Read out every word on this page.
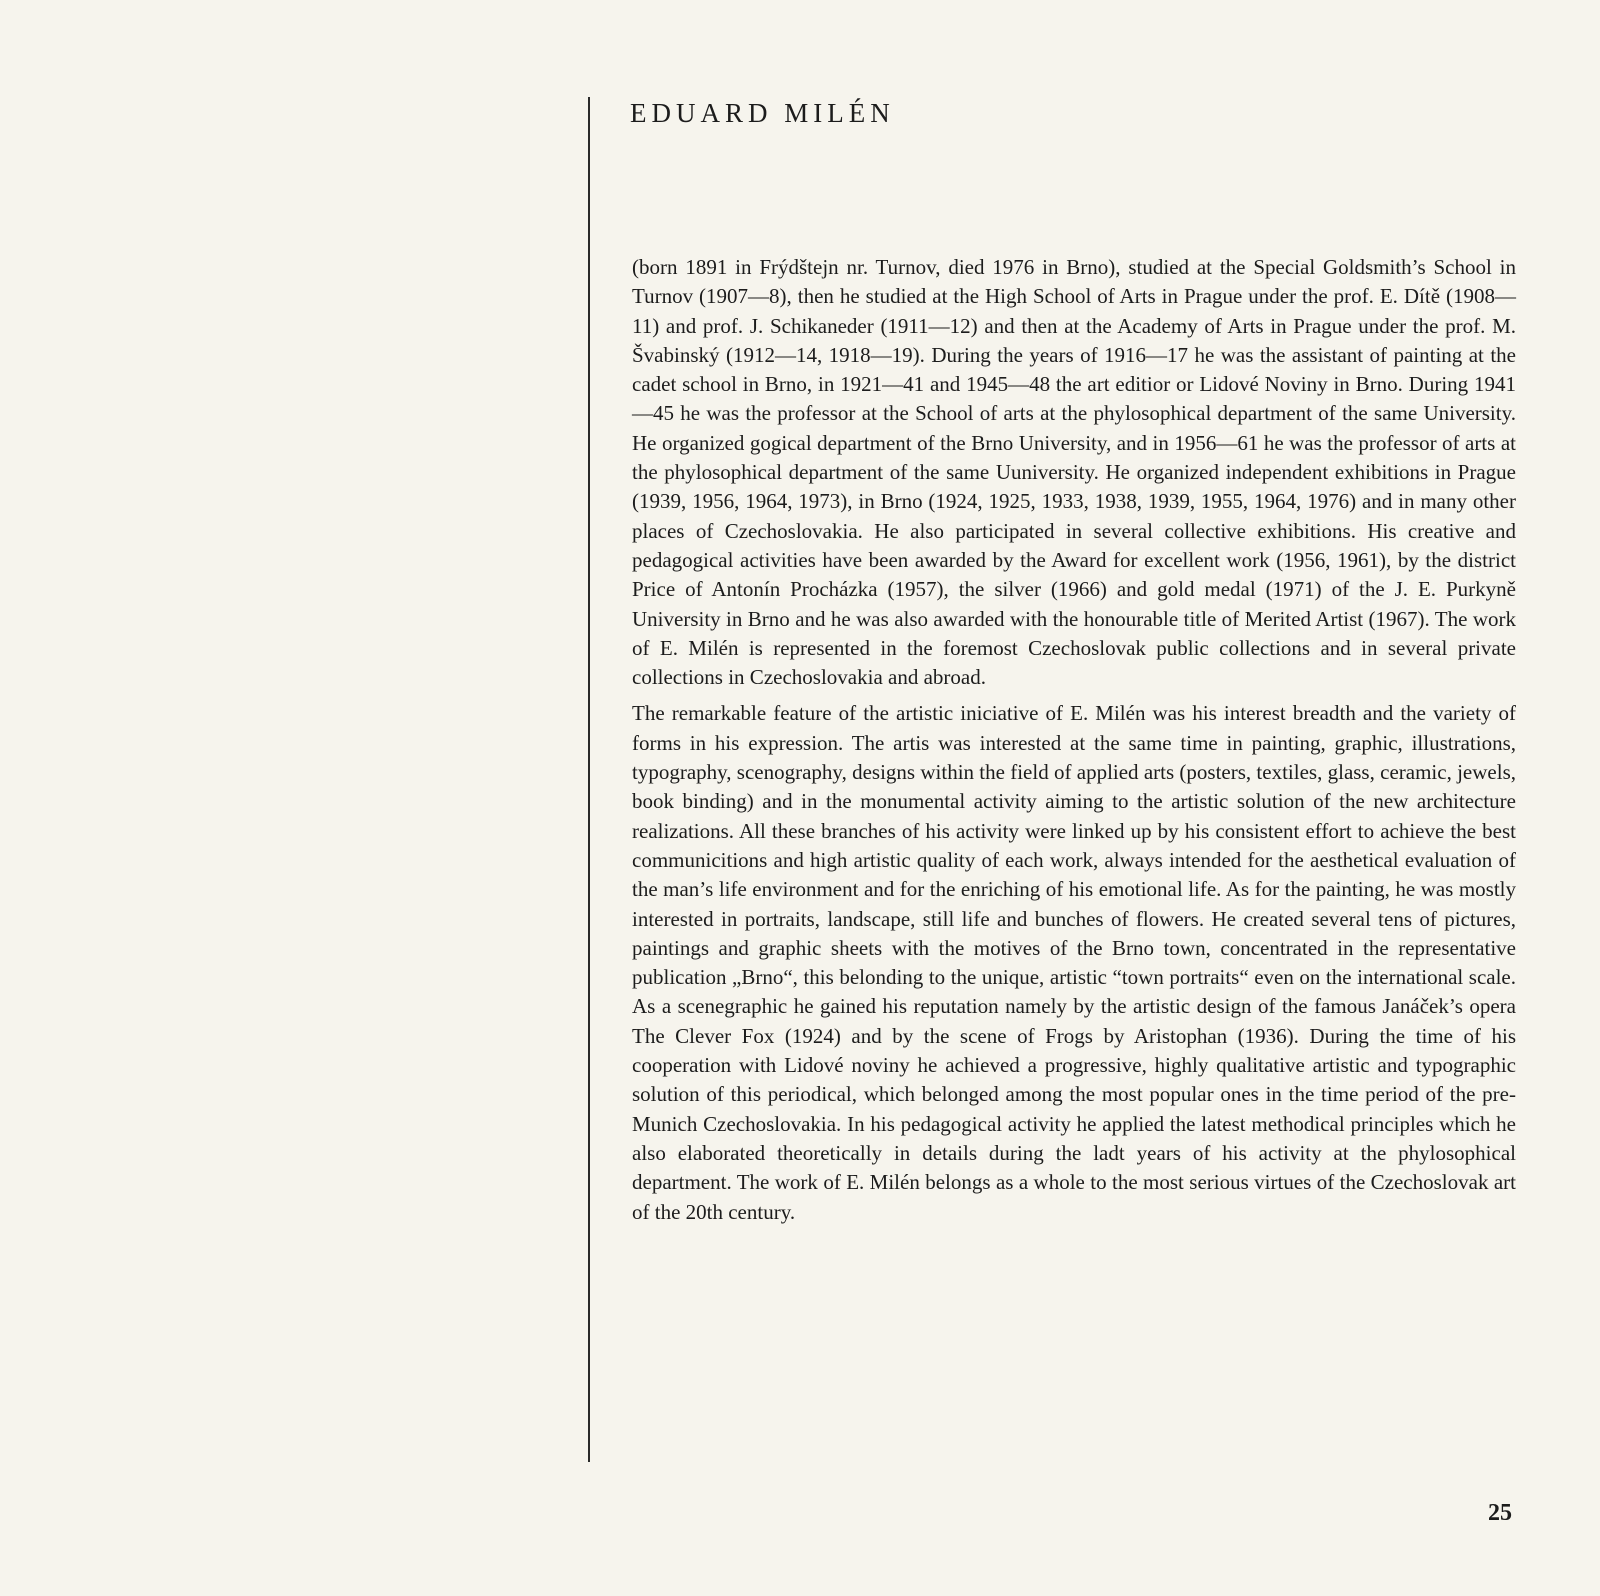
EDUARD MILÉN

(born 1891 in Frýdštejn nr. Turnov, died 1976 in Brno), studied at the Special Goldsmith’s School in Turnov (1907—8), then he studied at the High School of Arts in Prague under the prof. E. Dítě (1908—11) and prof. J. Schikaneder (1911—12) and then at the Academy of Arts in Prague under the prof. M. Švabinský (1912—14, 1918—19). During the years of 1916—17 he was the assistant of painting at the cadet school in Brno, in 1921—41 and 1945—48 the art editior or Lidové Noviny in Brno. During 1941—45 he was the professor at the School of arts at the phylosophical department of the same University. He organized gogical department of the Brno University, and in 1956—61 he was the professor of arts at the phylosophical department of the same Uuniversity. He organized independent exhibitions in Prague (1939, 1956, 1964, 1973), in Brno (1924, 1925, 1933, 1938, 1939, 1955, 1964, 1976) and in many other places of Czechoslovakia. He also participated in several collective exhibitions. His creative and pedagogical activities have been awarded by the Award for excellent work (1956, 1961), by the district Price of Antonín Procházka (1957), the silver (1966) and gold medal (1971) of the J. E. Purkyně University in Brno and he was also awarded with the honourable title of Merited Artist (1967). The work of E. Milén is represented in the foremost Czechoslovak public collections and in several private collections in Czechoslovakia and abroad.

The remarkable feature of the artistic iniciative of E. Milén was his interest breadth and the variety of forms in his expression. The artis was interested at the same time in painting, graphic, illustrations, typography, scenography, designs within the field of applied arts (posters, textiles, glass, ceramic, jewels, book binding) and in the monumental activity aiming to the artistic solution of the new architecture realizations. All these branches of his activity were linked up by his consistent effort to achieve the best communicitions and high artistic quality of each work, always intended for the aesthetical evaluation of the man’s life environment and for the enriching of his emotional life. As for the painting, he was mostly interested in portraits, landscape, still life and bunches of flowers. He created several tens of pictures, paintings and graphic sheets with the motives of the Brno town, concentrated in the representative publication „Brno“, this belonding to the unique, artistic “town portraits“ even on the international scale. As a scenegraphic he gained his reputation namely by the artistic design of the famous Janáček’s opera The Clever Fox (1924) and by the scene of Frogs by Aristophan (1936). During the time of his cooperation with Lidové noviny he achieved a progressive, highly qualitative artistic and typographic solution of this periodical, which belonged among the most popular ones in the time period of the pre-Munich Czechoslovakia. In his pedagogical activity he applied the latest methodical principles which he also elaborated theoretically in details during the ladt years of his activity at the phylosophical department. The work of E. Milén belongs as a whole to the most serious virtues of the Czechoslovak art of the 20th century.

25
